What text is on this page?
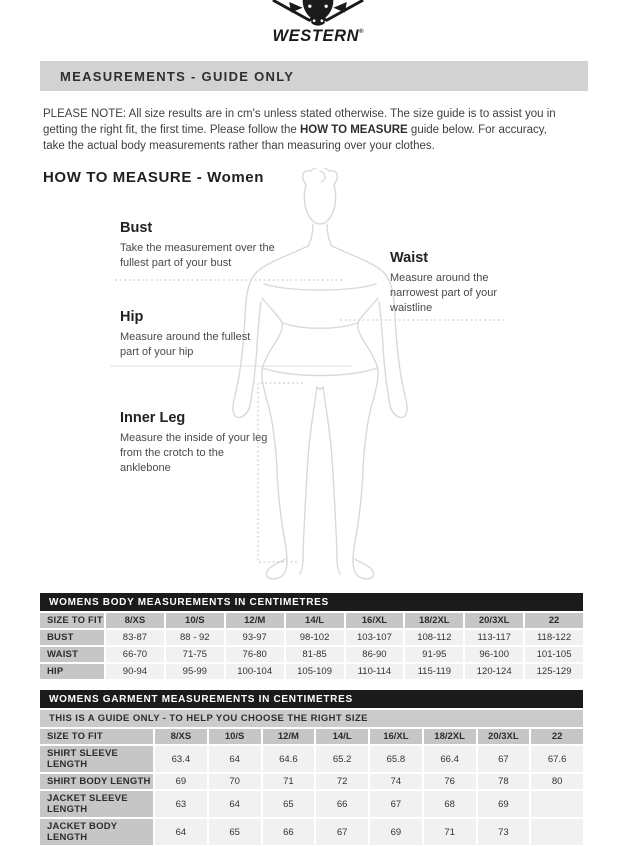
WESTERN®
MEASUREMENTS - GUIDE ONLY

PLEASE NOTE: All size results are in cm's unless stated otherwise. The size guide is to assist you in getting the right fit, the first time. Please follow the HOW TO MEASURE guide below. For accuracy, take the actual body measurements rather than measuring over your clothes.

HOW TO MEASURE - Women
Bust
Take the measurement over the fullest part of your bust	Waist
Measure around the narrowest part of your waistline
Hip
Measure around the fullest part of your hip
Inner Leg
Measure the inside of your leg from the crotch to the anklebone
WOMENS BODY MEASUREMENTS IN CENTIMETRES
SIZE TO FIT	8/XS	10/S	12/M	14/L	16/XL	18/2XL	20/3XL	22
BUST	83-87	88 - 92	93-97	98-102	103-107	108-112	113-117	118-122
WAIST	66-70	71-75	76-80	81-85	86-90	91-95	96-100	101-105
HIP	90-94	95-99	100-104	105-109	110-114	115-119	120-124	125-129
WOMENS GARMENT MEASUREMENTS IN CENTIMETRES
THIS IS A GUIDE ONLY - TO HELP YOU CHOOSE THE RIGHT SIZE
SIZE TO FIT	8/XS	10/S	12/M	14/L	16/XL	18/2XL	20/3XL	22
SHIRT SLEEVE LENGTH	63.4	64	64.6	65.2	65.8	66.4	67	67.6
SHIRT BODY LENGTH	69	70	71	72	74	76	78	80
JACKET SLEEVE LENGTH	63	64	65	66	67	68	69	
JACKET BODY LENGTH	64	65	66	67	69	71	73	
